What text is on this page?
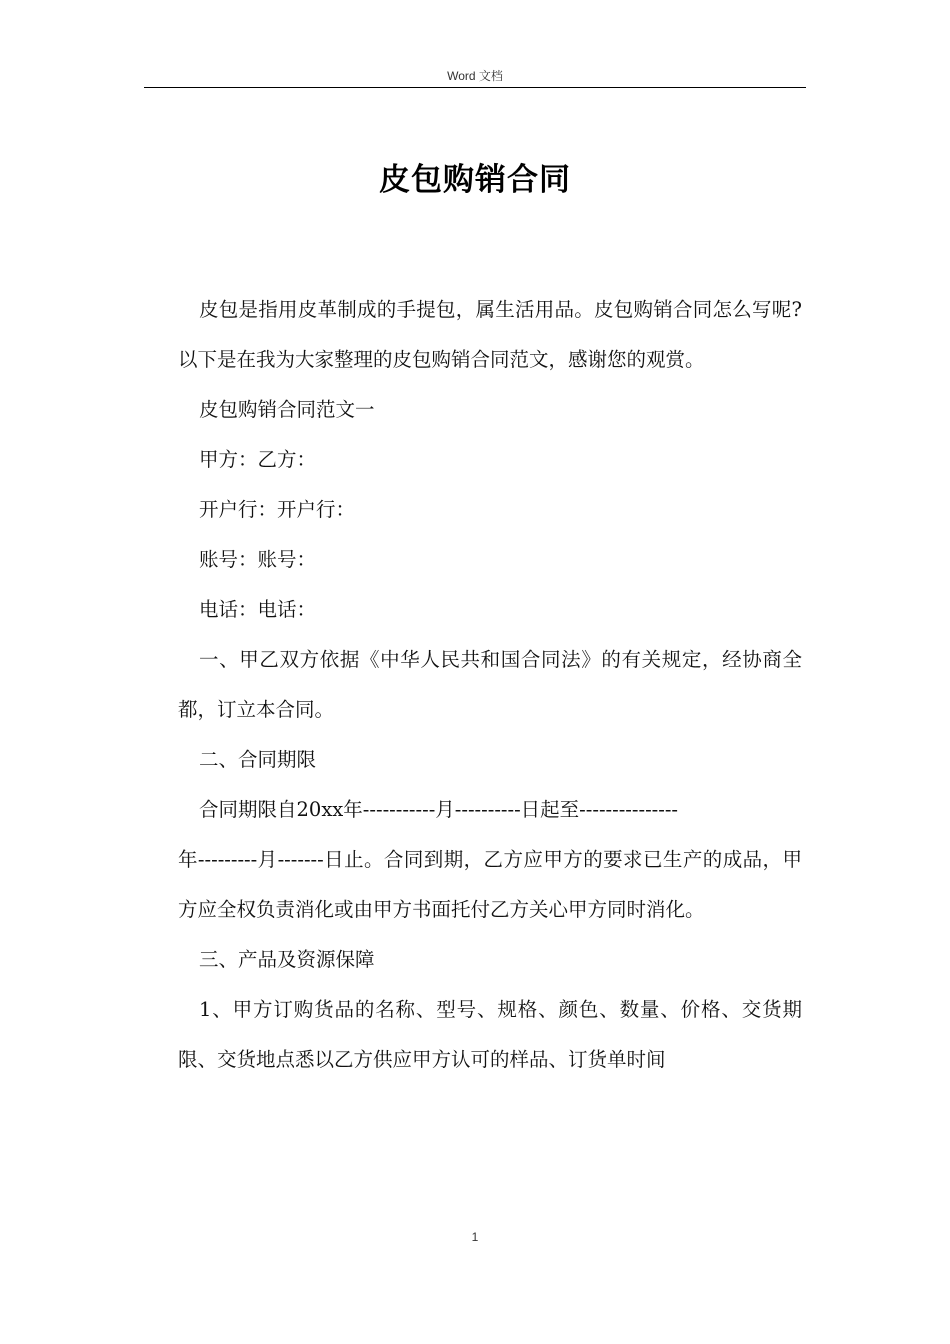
Word 文档
皮包购销合同

皮包是指用皮革制成的手提包，属生活用品。皮包购销合同怎么写呢?以下是在我为大家整理的皮包购销合同范文，感谢您的观赏。

皮包购销合同范文一

甲方：乙方：

开户行：开户行：

账号：账号：

电话：电话：

一、甲乙双方依据《中华人民共和国合同法》的有关规定，经协商全都，订立本合同。

二、合同期限

合同期限自20xx年-----------月----------日起至---------------

年---------月-------日止。合同到期，乙方应甲方的要求已生产的成品，甲方应全权负责消化或由甲方书面托付乙方关心甲方同时消化。

三、产品及资源保障

1、甲方订购货品的名称、型号、规格、颜色、数量、价格、交货期限、交货地点悉以乙方供应甲方认可的样品、订货单时间

1
